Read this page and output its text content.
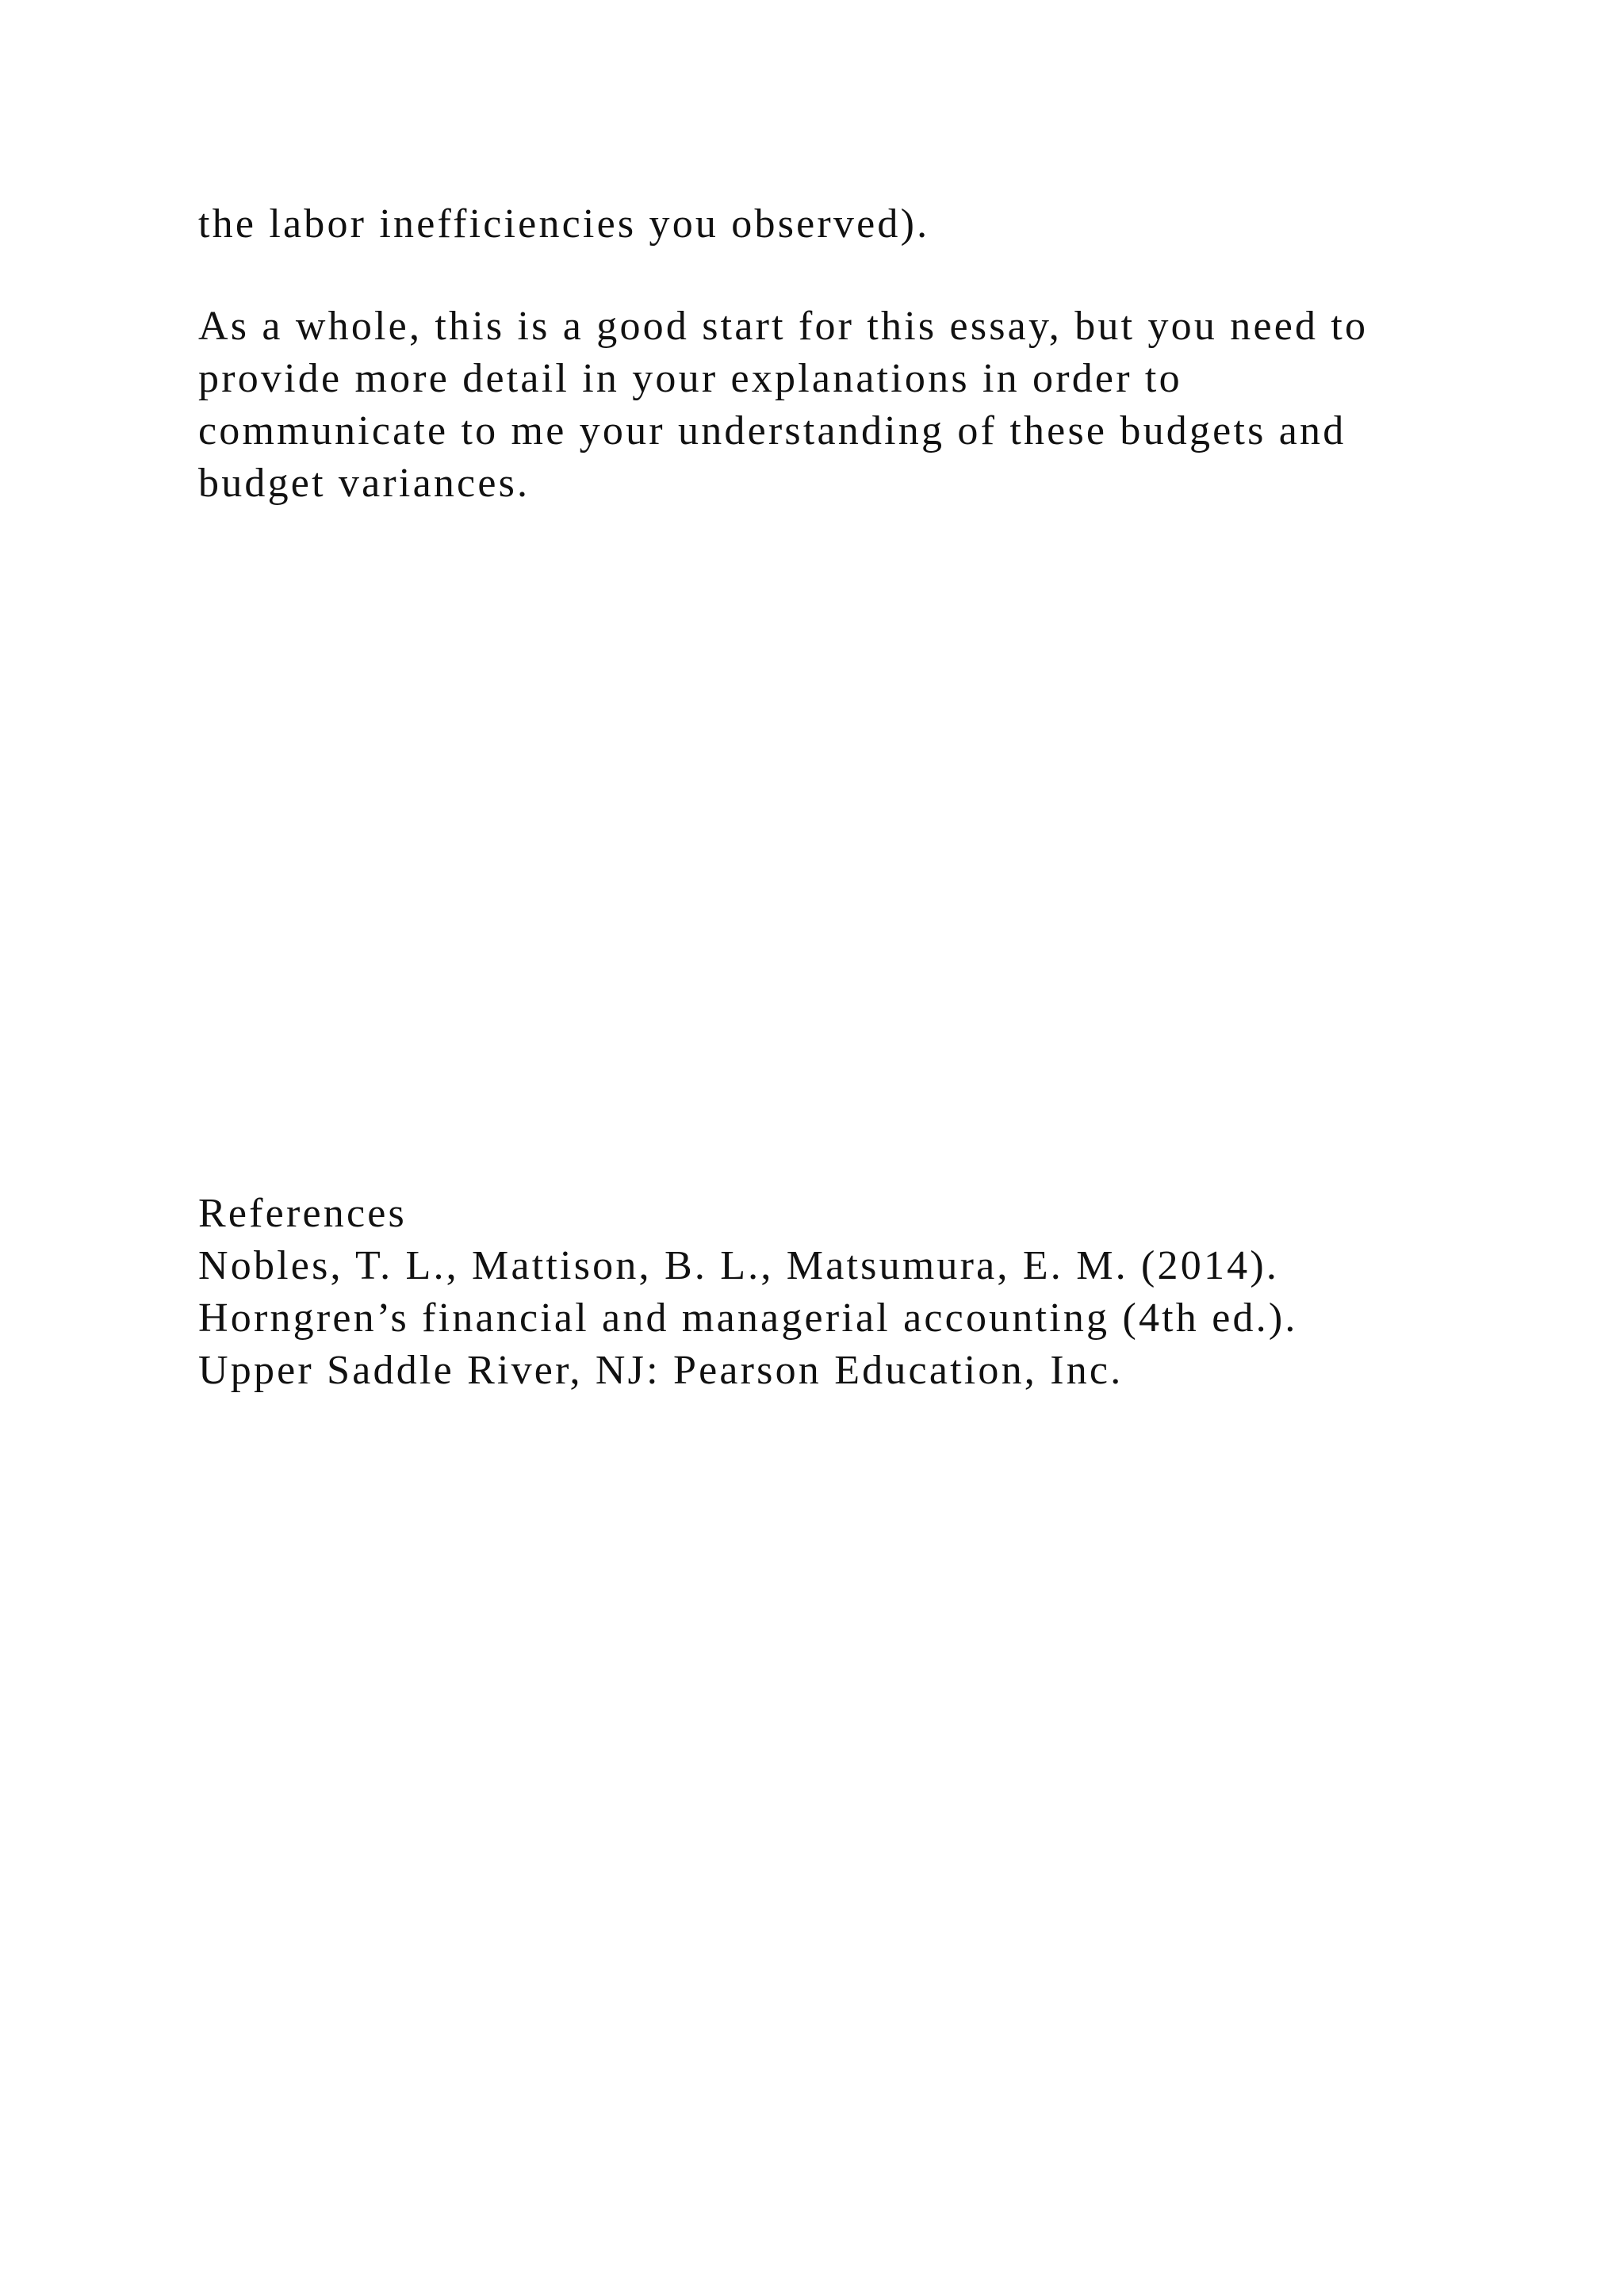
the labor inefficiencies you observed).
As a whole, this is a good start for this essay, but you need to
provide more detail in your explanations in order to
communicate to me your understanding of these budgets and
budget variances.
References
Nobles, T. L., Mattison, B. L., Matsumura, E. M. (2014).
Horngren’s financial and managerial accounting (4th ed.).
Upper Saddle River, NJ: Pearson Education, Inc.
